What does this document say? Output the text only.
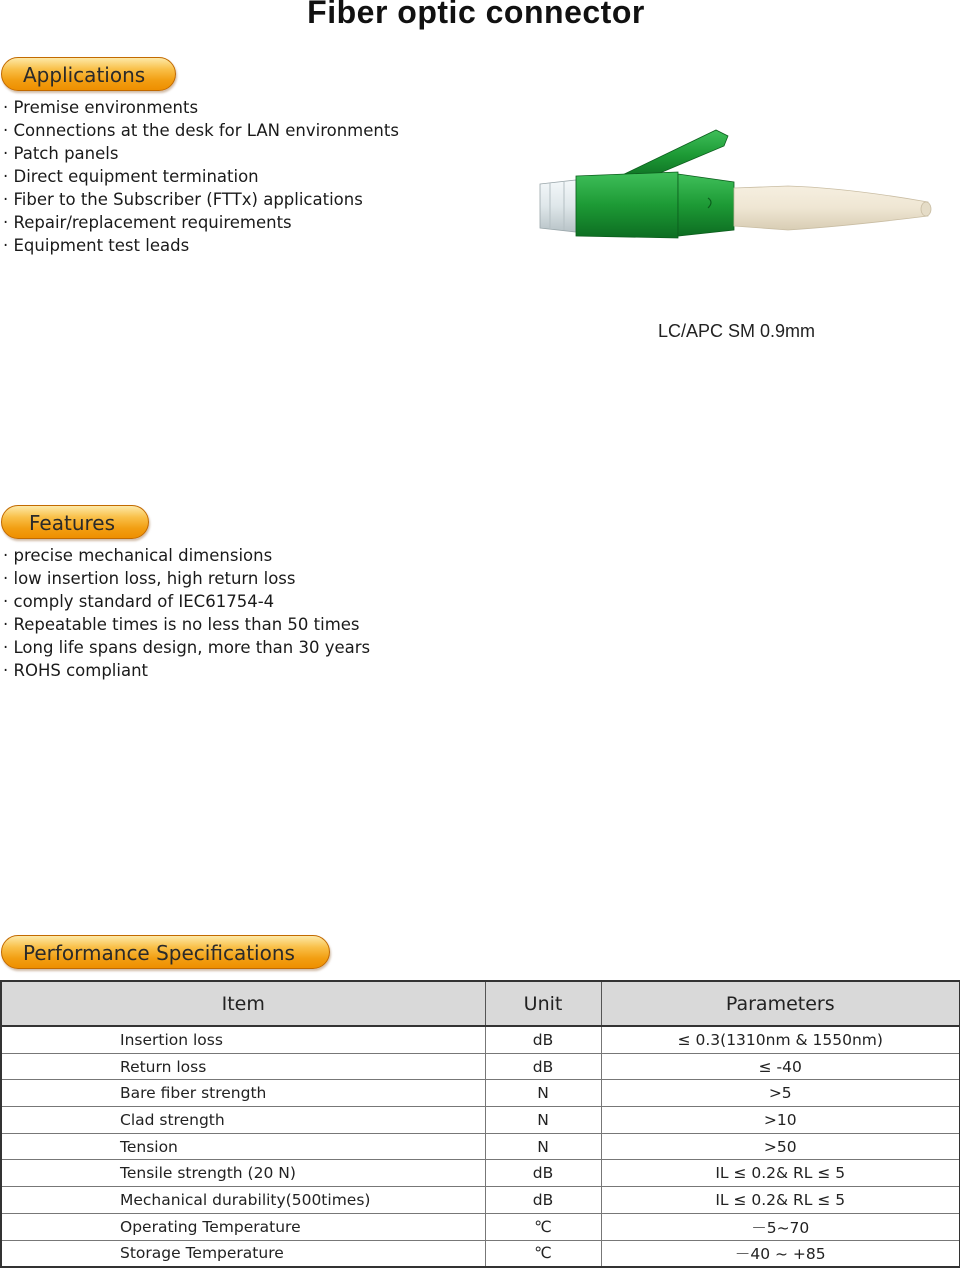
Fiber optic connector
Applications
· Premise environments
· Connections at the desk for LAN environments
· Patch panels
· Direct equipment termination
· Fiber to the Subscriber (FTTx) applications
· Repair/replacement requirements
· Equipment test leads
LC/APC SM 0.9mm
Features
· precise mechanical dimensions
· low insertion loss, high return loss
· comply standard of IEC61754-4
· Repeatable times is no less than 50 times
· Long life spans design, more than 30 years
· ROHS compliant
Performance Specifications
Item	Unit	Parameters
Insertion loss	dB	≤ 0.3(1310nm & 1550nm)
Return loss	dB	≤ -40
Bare fiber strength	N	>5
Clad strength	N	>10
Tension	N	>50
Tensile strength (20 N)	dB	IL ≤ 0.2& RL ≤ 5
Mechanical durability(500times)	dB	IL ≤ 0.2& RL ≤ 5
Operating Temperature	℃	－5~70
Storage Temperature	℃	－40 ~ +85
